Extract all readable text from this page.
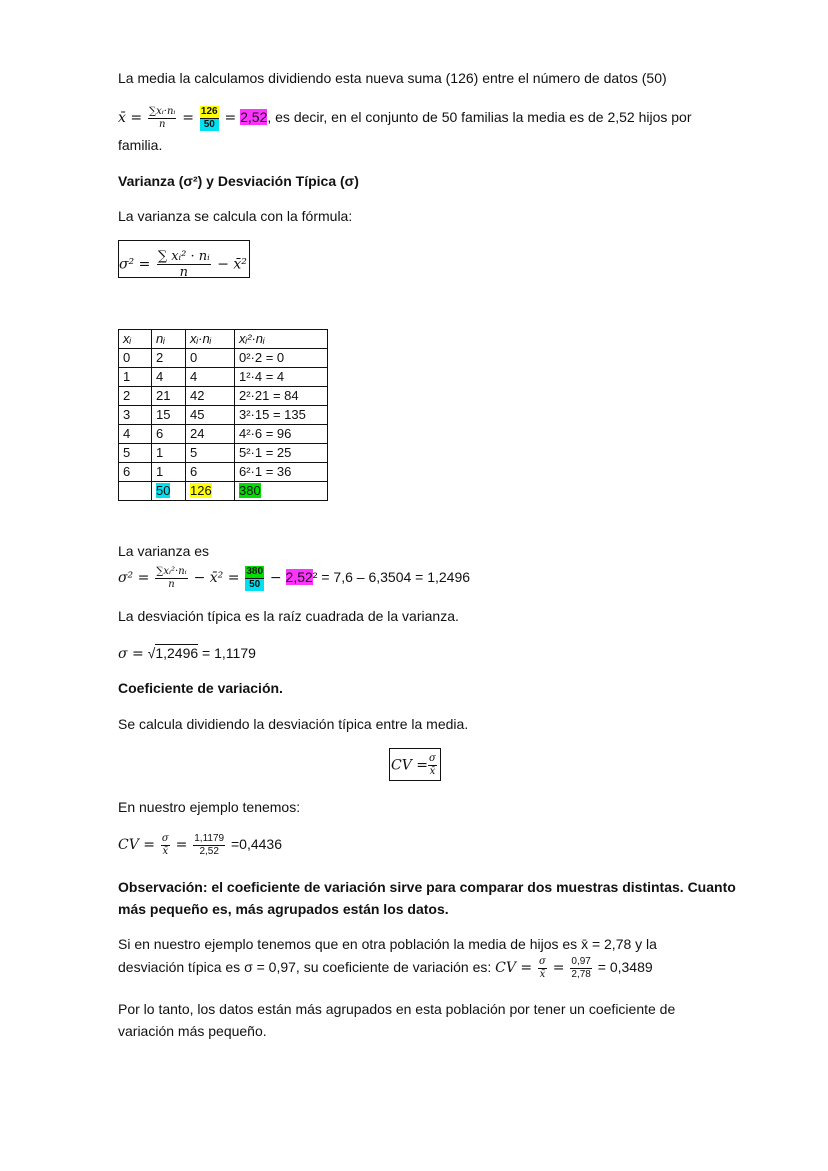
La media la calculamos dividiendo esta nueva suma (126) entre el número de datos (50)
x̄ = $\frac{\text{∑xᵢ·nᵢ}}{n} = \frac{126}{50} = 2,52$, es decir, en el conjunto de 50 familias la media es de 2,52 hijos por
familia.
Varianza (σ²) y Desviación Típica (σ)
La varianza se calcula con la fórmula:
$\sigma^2 = \frac{\text{∑ xᵢ² · nᵢ}}{n}$ − x̄²
xᵢ	nᵢ	xᵢ·nᵢ	xᵢ²·nᵢ
0	2	0	0²·2 = 0
1	4	4	1²·4 = 4
2	21	42	2²·21 = 84
3	15	45	3²·15 = 135
4	6	24	4²·6 = 96
5	1	5	5²·1 = 25
6	1	6	6²·1 = 36
	50	126	380
La varianza es
$\sigma^2 = \frac{\text{∑xᵢ²·nᵢ}}{n}$ − x̄² = $\frac{380}{50} - 2,52^2 = 7,6 - 6,3504 = 1,2496$
La desviación típica es la raíz cuadrada de la varianza.
σ = √1,2496 = 1,1179
Coeficiente de variación.
Se calcula dividiendo la desviación típica entre la media.
CV = $\frac{\sigma}{x̄}$
En nuestro ejemplo tenemos:
CV = $\frac{\sigma}{x̄} = \frac{1,1179}{2,52} =0,4436$
Observación: el coeficiente de variación sirve para comparar dos muestras distintas. Cuanto
más pequeño es, más agrupados están los datos.
Si en nuestro ejemplo tenemos que en otra población la media de hijos es x̄ = 2,78 y la
desviación típica es σ = 0,97, su coeficiente de variación es: CV = $\frac{\sigma}{x̄} = \frac{0,97}{2,78} = 0,3489$
Por lo tanto, los datos están más agrupados en esta población por tener un coeficiente de
variación más pequeño.
